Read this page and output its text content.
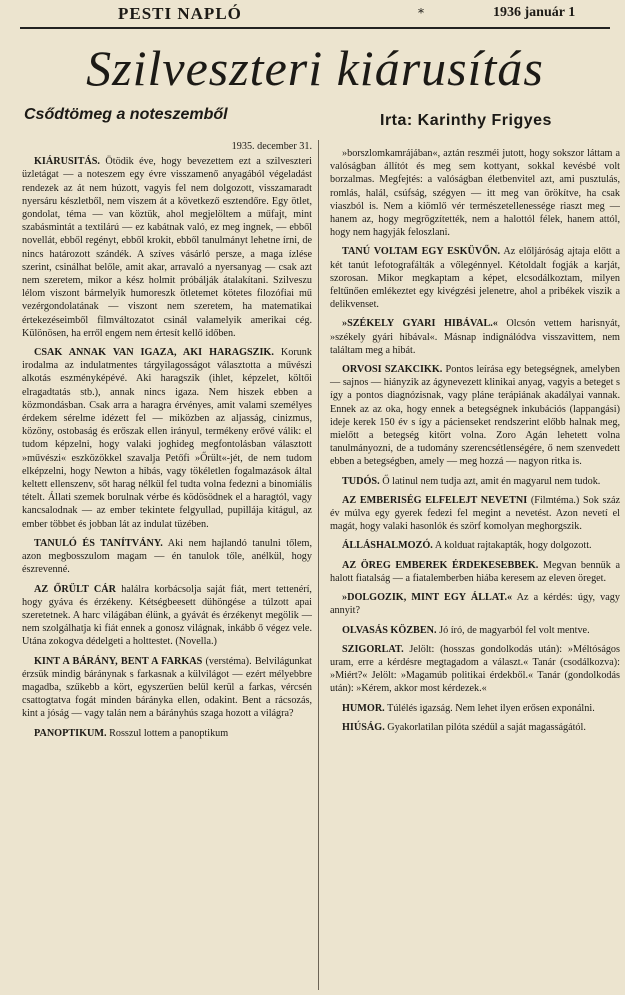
PESTI NAPLÓ	*	1936 január 1
Szilveszteri kiárusítás
Csődtömeg a noteszemből	Irta: Karinthy Frigyes

1935. december 31.

KIÁRUSITÁS. Ötödik éve, hogy bevezettem ezt a szilveszteri üzletágat — a noteszem egy évre visszamenő anyagából végeladást rendezek az át nem húzott, vagyis fel nem dolgozott, visszamaradt nyersáru készletből, nem viszem át a következő esztendőre. Egy ötlet, gondolat, téma — van köztük, ahol megjelöltem a műfajt, mint szabásmintát a textilárú — ez kabátnak való, ez meg ingnek, — ebből novellát, ebből regényt, ebből krokit, ebből tanulmányt lehetne írni, de nincs határozott szándék. A szíves vásárló persze, a maga ízlése szerint, csinálhat belőle, amit akar, arravaló a nyersanyag — csak azt nem szeretem, mikor a kész holmit próbálják átalakítani. Szilveszu lélom viszont bármelyik humoreszk ötletemet kötetes filozófiai mű vezérgondolatának — viszont nem szeretem, ha matematikai értekezéseimből filmváltozatot csinál valamelyik amerikai cég. Különösen, ha erről engem nem értesít kellő időben.

CSAK ANNAK VAN IGAZA, AKI HARAGSZIK. Korunk irodalma az indulatmentes tárgyilagosságot választotta a művészi alkotás eszményképévé. Aki haragszik (ihlet, képzelet, költői elragadtatás stb.), annak nincs igaza. Nem hiszek ebben a közmondásban. Csak arra a haragra érvényes, amit valami személyes érdekem sérelme idézett fel — miközben az aljasság, cinizmus, közöny, ostobaság és erőszak ellen irányul, termékeny erővé válik: el tudom képzelni, hogy valaki joghideg megfontolásban választott »művészi« eszközökkel szavalja Petőfi »Őrült«-jét, de nem tudom elképzelni, hogy Newton a hibás, vagy tökéletlen fogalmazások által keltett ellenszenv, sőt harag nélkül fel tudta volna fedezni a binomiális tételt. Állati szemek borulnak vérbe és ködösödnek el a haragtól, vagy kancsalodnak — az ember tekintete felgyullad, pupillája kitágul, az ember többet és jobban lát az indulat tüzében.

TANULÓ ÉS TANÍTVÁNY. Aki nem hajlandó tanulni tőlem, azon megbosszulom magam — én tanulok tőle, anélkül, hogy észrevenné.

AZ ŐRÜLT CÁR halálra korbácsolja saját fiát, mert tettenérí, hogy gyáva és érzékeny. Kétségbeesett dühöngése a túlzott apai szeretetnek. A harc világában élünk, a gyávát és érzékenyt megölik — nem szolgálhatja ki fiát ennek a gonosz világnak, inkább ő végez vele. Utána zokogva dédelgeti a holttestet. (Novella.)

KINT A BÁRÁNY, BENT A FARKAS (verstéma). Belvilágunkat érzsük mindig báránynak s farkasnak a külvilágot — ezért mélyebbre magadba, szűkebb a kört, egyszerűen belül kerül a farkas, vércsén csattogtatva fogát minden bárányka ellen, odakint. Bent a rácsozás, kint a jóság — vagy talán nem a bárányhús szaga hozott a világra?

PANOPTIKUM. Rosszul lottem a panoptikum

»borszlomkamrájában«, aztán reszméi jutott, hogy sokszor láttam a valóságban állítót és meg sem kottyant, sokkal kevésbé volt borzalmas. Megfejtés: a valóságban életbenvitel azt, ami pusztulás, romlás, halál, csúfság, szégyen — itt meg van örökítve, ha csak viaszból is. Nem a kiömlő vér természetellenessége riaszt meg — hanem az, hogy megrögzítették, nem a halottól félek, hanem attól, hogy nem hagyják feloszlani.

TANÚ VOLTAM EGY ESKÜVŐN. Az előljáróság ajtaja előtt a két tanút lefotografálták a vőlegénnyel. Kétoldalt fogják a karját, szorosan. Mikor megkaptam a képet, elcsodálkoztam, milyen feltűnően emlékeztet egy kivégzési jelenetre, ahol a pribékek viszik a delikvenset.

»SZÉKELY GYARI HIBÁVAL.« Olcsón vettem harisnyát, »székely gyári hibával«. Másnap indignálódva visszavittem, nem találtam meg a hibát.

ORVOSI SZAKCIKK. Pontos leírása egy betegségnek, amelyben — sajnos — hiányzik az ágynevezett klinikai anyag, vagyis a beteget s így a pontos diagnózisnak, vagy pláne terápiának akadályai vannak. Ennek az az oka, hogy ennek a betegségnek inkubációs (lappangási) ideje kerek 150 év s így a pácienseket rendszerint előbb halnak meg, mielőtt a betegség kitört volna. Zoro Agán lehetett volna tanulmányozni, de a tudomány szerencsétlenségére, ő nem szenvedett ebben a betegségben, amely — meg hozzá — nagyon ritka is.

TUDÓS. Ő latinul nem tudja azt, amit én magyarul nem tudok.

AZ EMBERISÉG ELFELEJT NEVETNI (Filmtéma.) Sok száz év múlva egy gyerek fedezi fel megint a nevetést. Azon nevetí el magát, hogy valaki hasonlók és szörf komolyan meghorgszik.

ÁLLÁSHALMOZÓ. A kolduat rajtakapták, hogy dolgozott.

AZ ÖREG EMBEREK ÉRDEKESEBBEK. Megvan bennük a halott fiatalság — a fiatalemberben hiába keresem az eleven öreget.

»DOLGOZIK, MINT EGY ÁLLAT.« Az a kérdés: úgy, vagy annyit?

OLVASÁS KÖZBEN. Jó író, de magyarból fel volt mentve.

SZIGORLAT. Jelölt: (hosszas gondolkodás után): »Méltóságos uram, erre a kérdésre megtagadom a választ.« Tanár (csodálkozva): »Miért?« Jelölt: »Magamúb politikai érdekből.« Tanár (gondolkodás után): »Kérem, akkor most kérdezek.«

HUMOR. Túlélés igazság. Nem lehet ilyen erősen exponálni.

HIÚSÁG. Gyakorlatilan pilóta szédül a saját magasságától.
